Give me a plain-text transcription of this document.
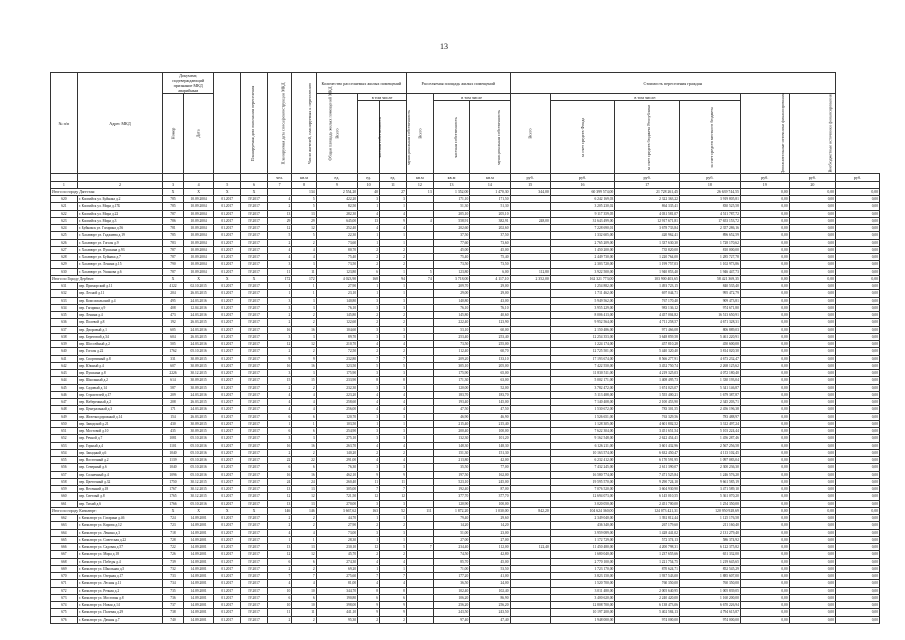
13
№ п/п	Адрес МКД	Документ, подтверждающий признание МКД аварийным		Планируемая дата окончания переселения	Планируемая дата сноса/реконструкции МКД	Число жителей, планируемых к переселению	Общая площадь жилых помещений МКД	Количество расселяемых жилых помещений			Расселяемая площадь жилых помещений			Стоимость переселения граждан						
		Номер	Дата					Всего	в том числе		Всего	в том числе		Всего	в том числе:			Дополнительные источники финансирования	Внебюджетные источники финансирования	
									частная собственность	муниципальная собственность		частная собственность	муниципальная собственность		за счет средств Фонда	за счет средств бюджета Республики	за счет средств местного бюджета			
						чел.	кв.м	ед.	ед.	ед.	кв.м	кв.м	кв.м	руб.	руб.	руб.	руб.	руб.	руб.	руб.
1	2	3	4	5	6	7	8	9	10	11	12	13	14	15	16	17	18	19	20	
Итого по городу Дагестан:		X	X	X	X		134	2 554,20	40	27	13	1 352,00	1 470,30	344,00	60 399 574,00	21 728 261,45	26 639 744,55	0,00	0,00	0,00
620	г. Каспийск ул. Буйнака д.2	785	10.09.2004	01.2017	IV.2017	4	5	422,20	3	3		171,10	171,50		6 242 169,03	2 322 363,22	3 919 805,81	0,00	0,00	0,00
621	г. Каспийск ул. Мира д.17Б	785	10.09.2004	01.2017	IV.2017	2	5	82,50	1	1		51,30	51,30		3 205 230,02	864 335,41	830 525,58	0,00	0,00	0,00
622	г. Каспийск ул. Мира д.22	787	10.09.2004	01.2017	IV.2017	13	13	282,30	4	4		205,10	205,10		9 117 359,05	4 031 581,07	4 511 787,72	0,00	0,00	0,00
623	г. Каспийск ул. Мира д.3	786	10.09.2004	01.2017	IV.2017	29	29	645,00	13	9	4	558,91	382,91	248,00	31 643 499,00	12 917 671,81	17 653 153,72	0,00	0,00	0,00
624	г. Буйнакск ул. Гагарина д.56	781	10.09.2004	01.2017	IV.2017	12	12	252,40	4	4		202,60	202,60		7 228 690,01	3 678 733,84	2 357 286,16	0,00	0,00	0,00
625	г. Хасавюрт ул. Гаджиева д.19	785	10.09.2004	01.2017	IV.2017	5	5	22,30	1	1		37,50	37,50		1 332 605,00	420 962,41	896 652,59	0,00	0,00	0,00
626	г. Хасавюрт ул. Гоголя д.9	783	10.09.2004	01.2017	IV.2017	2	2	73,60	1	1		77,60	73,60		2 765 209,00	1 337 630,30	1 728 170,62	0,00	0,00	0,00
627	г. Хасавюрт ул. Пушкина д.93	787	10.09.2004	01.2017	IV.2017	4	4	80,70	2	2		45,00	45,00		1 450 200,00	735 820,00	810 000,00	0,00	0,00	0,00
628	г. Хасавюрт ул. Буйнака д.7	787	10.09.2004	01.2017	IV.2017	4	4	75,40	2	2		75,40	75,40		2 449 730,00	1 220 764,00	1 285 727,78	0,00	0,00	0,00
629	г. Хасавюрт ул. Ленина д.15	790	10.09.2004	01.2017	IV.2017	3	3	73,50	2	2		73,50	73,50		2 303 720,00	1 199 757,03	1 102 973,86	0,00	0,00	0,00
630	г. Хасавюрт ул. Ушакова д.6	787	10.09.2004	01.2017	IV.2017	11	11	123,80	6	1	5	123,80	6,00	112,80	3 922 500,00	1 940 853,40	1 946 447,73	0,00	0,00	0,00
Итого по Городу Дербент:		X	X	X	X	172	172	4 023,90	168	94	74	3 718,00	4 117,10	2 352,00	162 321 773,00	103 900 403,65	58 421 369,35	0,00	0,00	0,00
631	пер. Приморский д.11	4122	02.10.2015	01.2017	IV.2017	1	1	27,90	1	1		209,70	29,00		1 254 882,00	1 493 723,15	840 535,40	0,00	0,00	0,00
632	пер. Лесной д.11	204	26.03.2015	01.2017	IV.2017	1	1	23,10	1	1		29,00	29,00		1 711 462,00	697 044,71	995 472,79	0,00	0,00	0,00
633	пер. Комсомольский д.4	495	24.03.2016	01.2017	IV.2017	3	3	140,80	3	3		140,80	43,00		5 949 562,00	767 170,40	909 473,81	0,00	0,00	0,00
634	пер. Гагарина д.9	408	12.04.2016	01.2017	IV.2017	3	3	76,10	3	3		76,10	76,10		3 955 229,00	983 136,12	974 671,80	0,00	0,00	0,00
635	пер. Ленина д.4	473	24.03.2016	01.2017	IV.2017	2	2	145,80	2	2		145,80	40,60		8 006 413,00	4 457 004,82	16 513 650,91	0,00	0,00	0,00
636	пер. Полевой д.8	192	26.03.2015	01.2017	IV.2017	2	2	122,60	2	2		222,40	123,90		9 952 564,00	4 711 258,57	4 671 328,31	0,00	0,00	0,00
637	пер. Дворовый д.1	605	24.03.2016	01.2017	IV.2017	16	16	104,60	3	3		53,10	60,00		2 150 486,00	971 466,08	806 889,03	0,00	0,00	0,00
638	пер. Береговой д.34	604	26.03.2015	01.2017	IV.2017	3	3	89,70	3	3		253,40	253,40		12 254 353,00	3 648 859,58	5 461 220,91	0,00	0,00	0,00
639	пер. Шоссейный д.2	505	24.03.2016	01.2017	IV.2017	12	12	210,70	4	4		73,50	255,00		1 224 174,00	457 810,28	450 600,00	0,00	0,00	0,00
640	пер. Гоголя д.22	1762	05.10.2016	01.2017	IV.2017	2	2	72,50	2	2		112,40	60,70		12 725 501,00	5 440 320,40	3 814 020,30	0,00	0,00	0,00
641	пер. Спортивный д.8	331	30.09.2015	01.2017	IV.2017	9	9	232,80	7	7		209,20	133,10		17 193 674,00	8 566 277,91	4 673 232,47	0,00	0,00	0,00
642	пер. Южный д.4	607	30.09.2015	01.2017	IV.2017	16	16	323,50	5	5		305,10	205,00		7 422 550,00	3 452 750,74	2 268 125,62	0,00	0,00	0,00
643	пер. Пушкина д.8	2226	30.12.2015	01.2017	IV.2017	3	3	175,90	3	3		175,90	65,00		11 830 511,00	4 219 325,03	4 072 180,40	0,00	0,00	0,00
644	пер. Школьный д.2	614	30.09.2015	01.2017	IV.2017	15	15	233,90	8	8		171,30	63,00		5 002 171,00	1 408 495,73	1 330 193,04	0,00	0,00	0,00
645	пер. Садовый д.14	587	30.09.2015	01.2017	IV.2017	2	2	232,30	3	3		120,00	52,00		3 782 472,00	1 674 023,07	5 341 146,87	0,00	0,00	0,00
646	пер. Строителей д.17	209	24.03.2016	01.2017	IV.2017	4	4	223,20	4	4		183,70	183,70		5 113 488,00	1 555 400,21	1 679 387,87	0,00	0,00	0,00
647	пер. Набережный д.2	208	26.03.2015	01.2017	IV.2017	4	4	258,60	4	4		193,40	145,00		7 140 408,00	2 100 453,90	2 345 203,71	0,00	0,00	0,00
648	пер. Центральный д.3	171	24.03.2016	01.2017	IV.2017	4	4	256,00	4	4		47,50	47,50		1 530 672,00	783 301,55	2 456 196,38	0,00	0,00	0,00
649	пер. Железнодорожный д.14	154	26.03.2015	01.2017	IV.2017	6	6	120,70	3	3		46,90	46,90		1 526 651,00	763 329,56	783 488,97	0,00	0,00	0,00
650	пер. Заводской д.21	430	30.09.2015	01.2017	IV.2017	1	1	103,50	1	1		215,40	215,40		1 128 305,00	4 601 802,52	3 312 497,24	0,00	0,00	0,00
651	пер. Мостовой д.10	435	30.09.2015	01.2017	IV.2017	6	6	254,90	3	3		200,40	100,00		7 622 304,00	3 451 651,54	5 103 224,44	0,00	0,00	0,00
652	пер. Речной д.7	1081	05.10.2016	01.2017	IV.2017	3	3	275,10	3	3		132,30	101,20		9 162 548,00	2 622 454,41	1 456 287,46	0,00	0,00	0,00
653	пер. Горный д.4	1101	05.10.2016	01.2017	IV.2017	16	16	263,70	4	4		148,30	148,30		6 126 211,00	3 601 432,96	2 567 256,58	0,00	0,00	0,00
654	пер. Западный д.6	1040	05.10.2016	01.2017	IV.2017	2	2	140,20	2	2		151,30	151,30		10 163 574,00	6 632 450,47	4 113 102,45	0,00	0,00	0,00
655	пер. Восточный д.2	1139	05.10.2016	01.2017	IV.2017	22	22	291,00	4	4		213,80	42,00		6 232 412,00	6 170 591,95	1 097 083,04	0,00	0,00	0,00
656	пер. Северный д.6	1040	05.10.2016	01.2017	IV.2017	6	6	76,30	3	3		35,50	77,00		7 432 245,00	2 611 390,07	2 300 236,30	0,00	0,00	0,00
657	пер. Солнечный д.4	1096	05.10.2016	01.2017	IV.2017	16	16	462,10	9	9		197,50	162,00		16 580 774,00	7 471 525,84	1 246 576,20	0,00	0,00	0,00
658	пер. Цветочный д.32	1750	30.12.2015	01.2017	IV.2017	24	24	260,40	11	11		523,10	245,00		19 595 570,00	9 290 724,10	9 661 585,19	0,00	0,00	0,00
659	пер. Весенний д.18	1767	30.12.2015	01.2017	IV.2017	13	13	305,00	7	7		192,40	87,00		7 076 520,00	3 604 930,90	3 471 589,10	0,00	0,00	0,00
660	пер. Светлый д.8	1765	30.12.2015	01.2017	IV.2017	12	12	721,50	12	12		377,70	377,70		12 694 073,00	6 145 010,55	5 361 070,20	0,00	0,00	0,00
661	пер. Тихий д.6	1766	05.10.2016	01.2017	IV.2017	13	13	270,00	3	3		120,90	100,00		3 020 050,00	2 451 700,00	1 254 350,00	0,00	0,00	0,00
Итого по городу Кизилюрт:		X	X	X	X	146	146	3 667,62	163	52	111	1 872,20	1 030,00	842,20	104 624 360,00	124 073 421,31	120 950 928,69	0,00	0,00	0,00
662	г. Кизилюрт ул. Гагарина д.46	724	14.09.2001	01.2017	IV.2017	2	2	44,70	1	1		79,40	29,60		2 349 040,00	1 392 812,44	1 125 176,58	0,00	0,00	0,00
663	г. Кизилюрт ул. Кирова д.12	723	14.09.2001	01.2017	IV.2017	2	2	27,90	2	2		14,20	14,20		436 340,00	267 179,60	211 160,40	0,00	0,00	0,00
664	г. Кизилюрт ул. Ленина д.3	718	14.09.2001	01.2017	IV.2017	4	4	73,00	3	3		51,00	23,00		3 959 089,00	1 428 441,02	2 131 279,40	0,00	0,00	0,00
665	г. Кизилюрт ул. Советская д.22	728	14.09.2001	01.2017	IV.2017	1	1	28,30	1	1		27,00	27,00		1 172 729,00	572 374,13	586 374,92	0,00	0,00	0,00
666	г. Кизилюрт ул. Садовая д.57	722	14.09.2001	01.2017	IV.2017	13	13	230,10	12	5	7	234,40	112,00	122,40	11 450 480,00	4 200 798,31	6 122 375,82	0,00	0,00	0,00
667	г. Кизилюрт ул. Мира д.18	726	14.09.2001	01.2017	IV.2017	12	12	45,70	2	2		74,50	42,80		1 680 040,00	1 237 655,66	651 332,00	0,00	0,00	0,00
668	г. Кизилюрт ул. Победы д.4	739	14.09.2001	01.2017	IV.2017	6	6	274,30	4	4		85,70	45,00		2 770 100,00	1 221 754,75	1 219 645,65	0,00	0,00	0,00
669	г. Кизилюрт ул. Школьная д.5	732	14.09.2001	01.2017	IV.2017	2	2	69,20	1	1		71,00	53,50		1 723 170,00	870 624,71	852 545,29	0,00	0,00	0,00
670	г. Кизилюрт ул. Озерная д.17	733	14.09.2001	01.2017	IV.2017	7	7	275,60	7	7		177,20	41,00		3 823 150,00	1 937 543,00	1 885 607,00	0,00	0,00	0,00
671	г. Кизилюрт ул. Лесная д.11	734	14.09.2001	01.2017	IV.2017	4	4	81,00	4	4		36,50	24,00		1 520 700,00	760 350,00	760 350,00	0,00	0,00	0,00
672	г. Кизилюрт ул. Речная д.2	735	14.09.2001	01.2017	IV.2017	10	10	344,70	8	8		102,40	102,40		3 011 480,00	2 005 640,95	1 005 839,05	0,00	0,00	0,00
673	г. Кизилюрт ул. Мостовая д.8	736	14.09.2001	01.2017	IV.2017	6	6	190,80	6	6		106,20	86,90		3 400 620,00	2 240 420,00	1 160 200,00	0,00	0,00	0,00
674	г. Кизилюрт ул. Новая д.14	737	14.09.2001	01.2017	IV.2017	10	10	398,00	9	9		256,20	256,20		12 808 700,00	6 138 473,06	6 670 226,94	0,00	0,00	0,00
675	г. Кизилюрт ул. Полевая д.29	738	14.09.2001	01.2017	IV.2017	11	11	441,10	9	9		243,50	243,50		10 197 200,00	5 402 584,13	4 794 615,87	0,00	0,00	0,00
676	г. Кизилюрт ул. Дачная д.7	740	14.09.2001	01.2017	IV.2017	2	2	95,30	2	2		97,40	47,40		1 948 000,00	974 000,00	974 000,00	0,00	0,00	0,00
